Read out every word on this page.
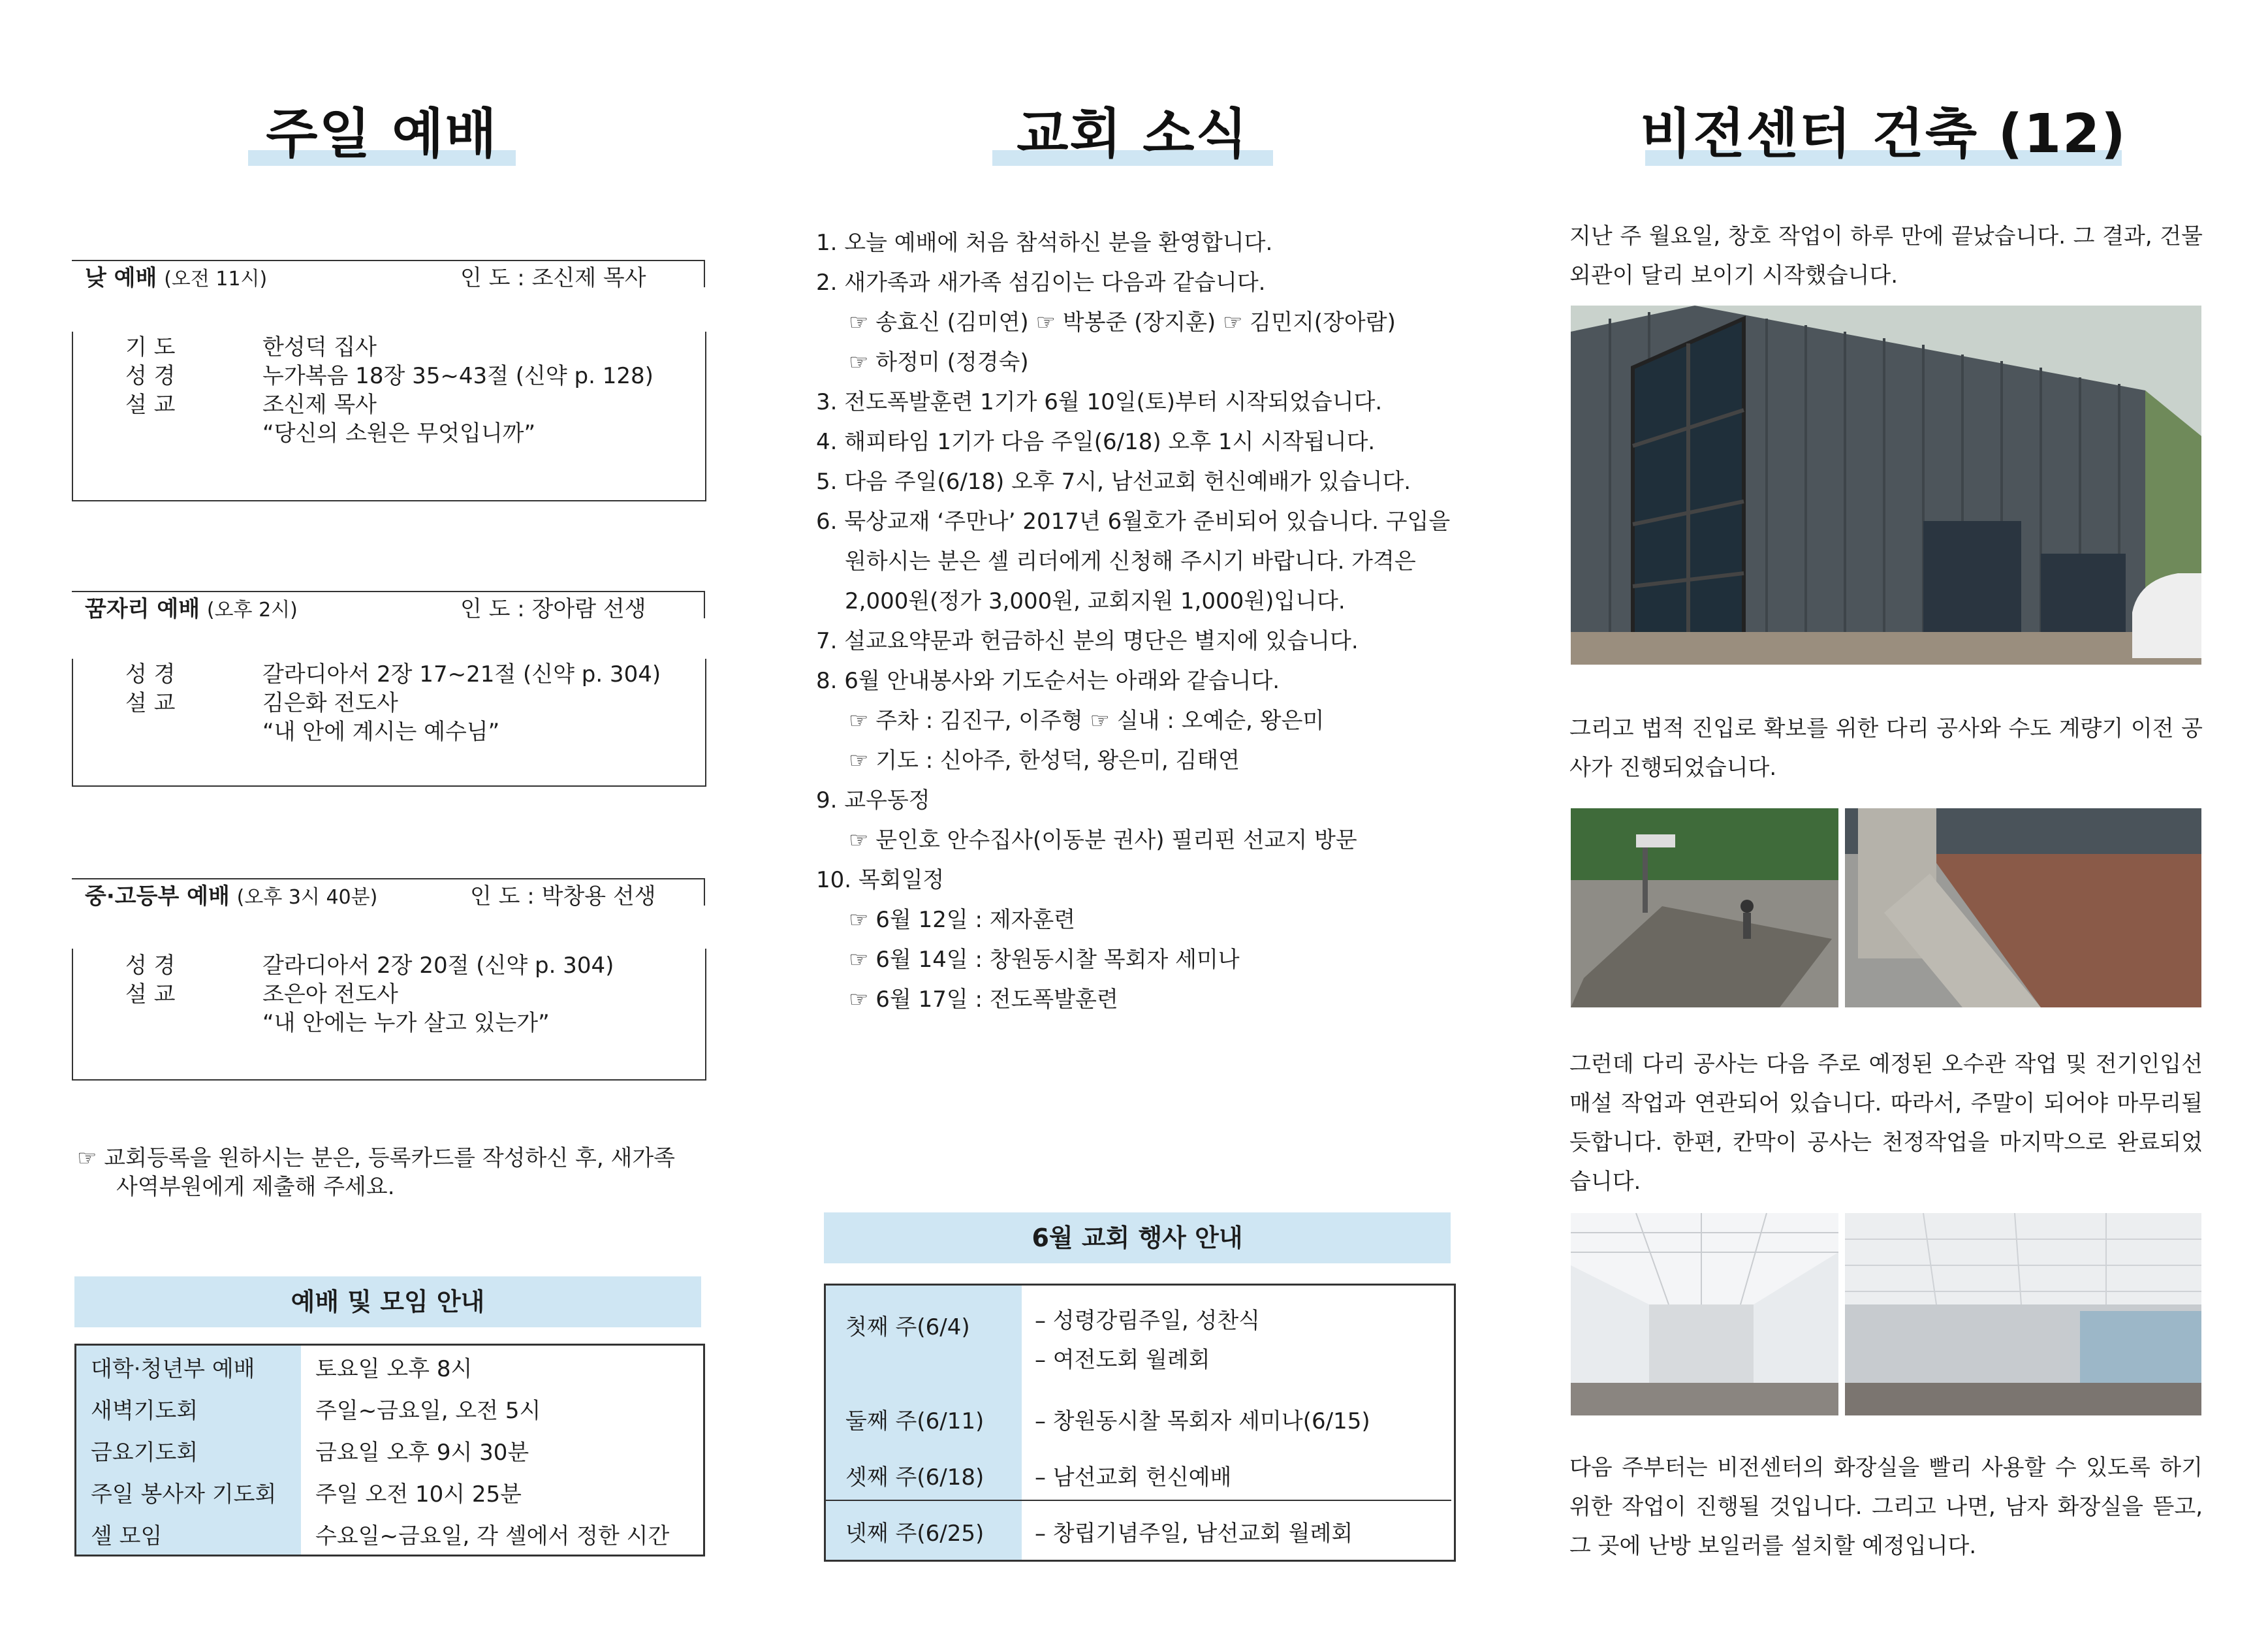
주일 예배
낮 예배 (오전 11시)	인 도 : 조신제 목사
기 도	한성덕 집사
성 경	누가복음 18장 35~43절 (신약 p. 128)
설 교	조신제 목사
“당신의 소원은 무엇입니까”
꿈자리 예배 (오후 2시)	인 도 : 장아람 선생
성 경	갈라디아서 2장 17~21절 (신약 p. 304)
설 교	김은화 전도사
“내 안에 계시는 예수님”
중·고등부 예배 (오후 3시 40분)	인 도 : 박창용 선생
성 경	갈라디아서 2장 20절 (신약 p. 304)
설 교	조은아 전도사
“내 안에는 누가 살고 있는가”
☞ 교회등록을 원하시는 분은, 등록카드를 작성하신 후, 새가족
사역부원에게 제출해 주세요.
예배 및 모임 안내
대학·청년부 예배	토요일 오후 8시
새벽기도회	주일~금요일, 오전 5시
금요기도회	금요일 오후 9시 30분
주일 봉사자 기도회	주일 오전 10시 25분
셀 모임	수요일~금요일, 각 셀에서 정한 시간
교회 소식
1. 오늘 예배에 처음 참석하신 분을 환영합니다.
2. 새가족과 새가족 섬김이는 다음과 같습니다.
☞ 송효신 (김미연) ☞ 박봉준 (장지훈) ☞ 김민지(장아람)
☞ 하정미 (정경숙)
3. 전도폭발훈련 1기가 6월 10일(토)부터 시작되었습니다.
4. 해피타임 1기가 다음 주일(6/18) 오후 1시 시작됩니다.
5. 다음 주일(6/18) 오후 7시, 남선교회 헌신예배가 있습니다.
6. 묵상교재 ‘주만나’ 2017년 6월호가 준비되어 있습니다. 구입을
원하시는 분은 셀 리더에게 신청해 주시기 바랍니다. 가격은
2,000원(정가 3,000원, 교회지원 1,000원)입니다.
7. 설교요약문과 헌금하신 분의 명단은 별지에 있습니다.
8. 6월 안내봉사와 기도순서는 아래와 같습니다.
☞ 주차 : 김진구, 이주형 ☞ 실내 : 오예순, 왕은미
☞ 기도 : 신아주, 한성덕, 왕은미, 김태연
9. 교우동정
☞ 문인호 안수집사(이동분 권사) 필리핀 선교지 방문
10. 목회일정
☞ 6월 12일 : 제자훈련
☞ 6월 14일 : 창원동시찰 목회자 세미나
☞ 6월 17일 : 전도폭발훈련
6월 교회 행사 안내
첫째 주(6/4)	– 성령강림주일, 성찬식
– 여전도회 월례회
둘째 주(6/11) – 창원동시찰 목회자 세미나(6/15)
셋째 주(6/18) – 남선교회 헌신예배
넷째 주(6/25) – 창립기념주일, 남선교회 월례회
비전센터 건축 (12)
지난 주 월요일, 창호 작업이 하루 만에 끝났습니다. 그 결과, 건물 외관이 달리 보이기 시작했습니다.
그리고 법적 진입로 확보를 위한 다리 공사와 수도 계량기 이전 공사가 진행되었습니다.
그런데 다리 공사는 다음 주로 예정된 오수관 작업 및 전기인입선 매설 작업과 연관되어 있습니다. 따라서, 주말이 되어야 마무리될 듯합니다. 한편, 칸막이 공사는 천정작업을 마지막으로 완료되었습니다.
다음 주부터는 비전센터의 화장실을 빨리 사용할 수 있도록 하기 위한 작업이 진행될 것입니다. 그리고 나면, 남자 화장실을 뜯고, 그 곳에 난방 보일러를 설치할 예정입니다.
